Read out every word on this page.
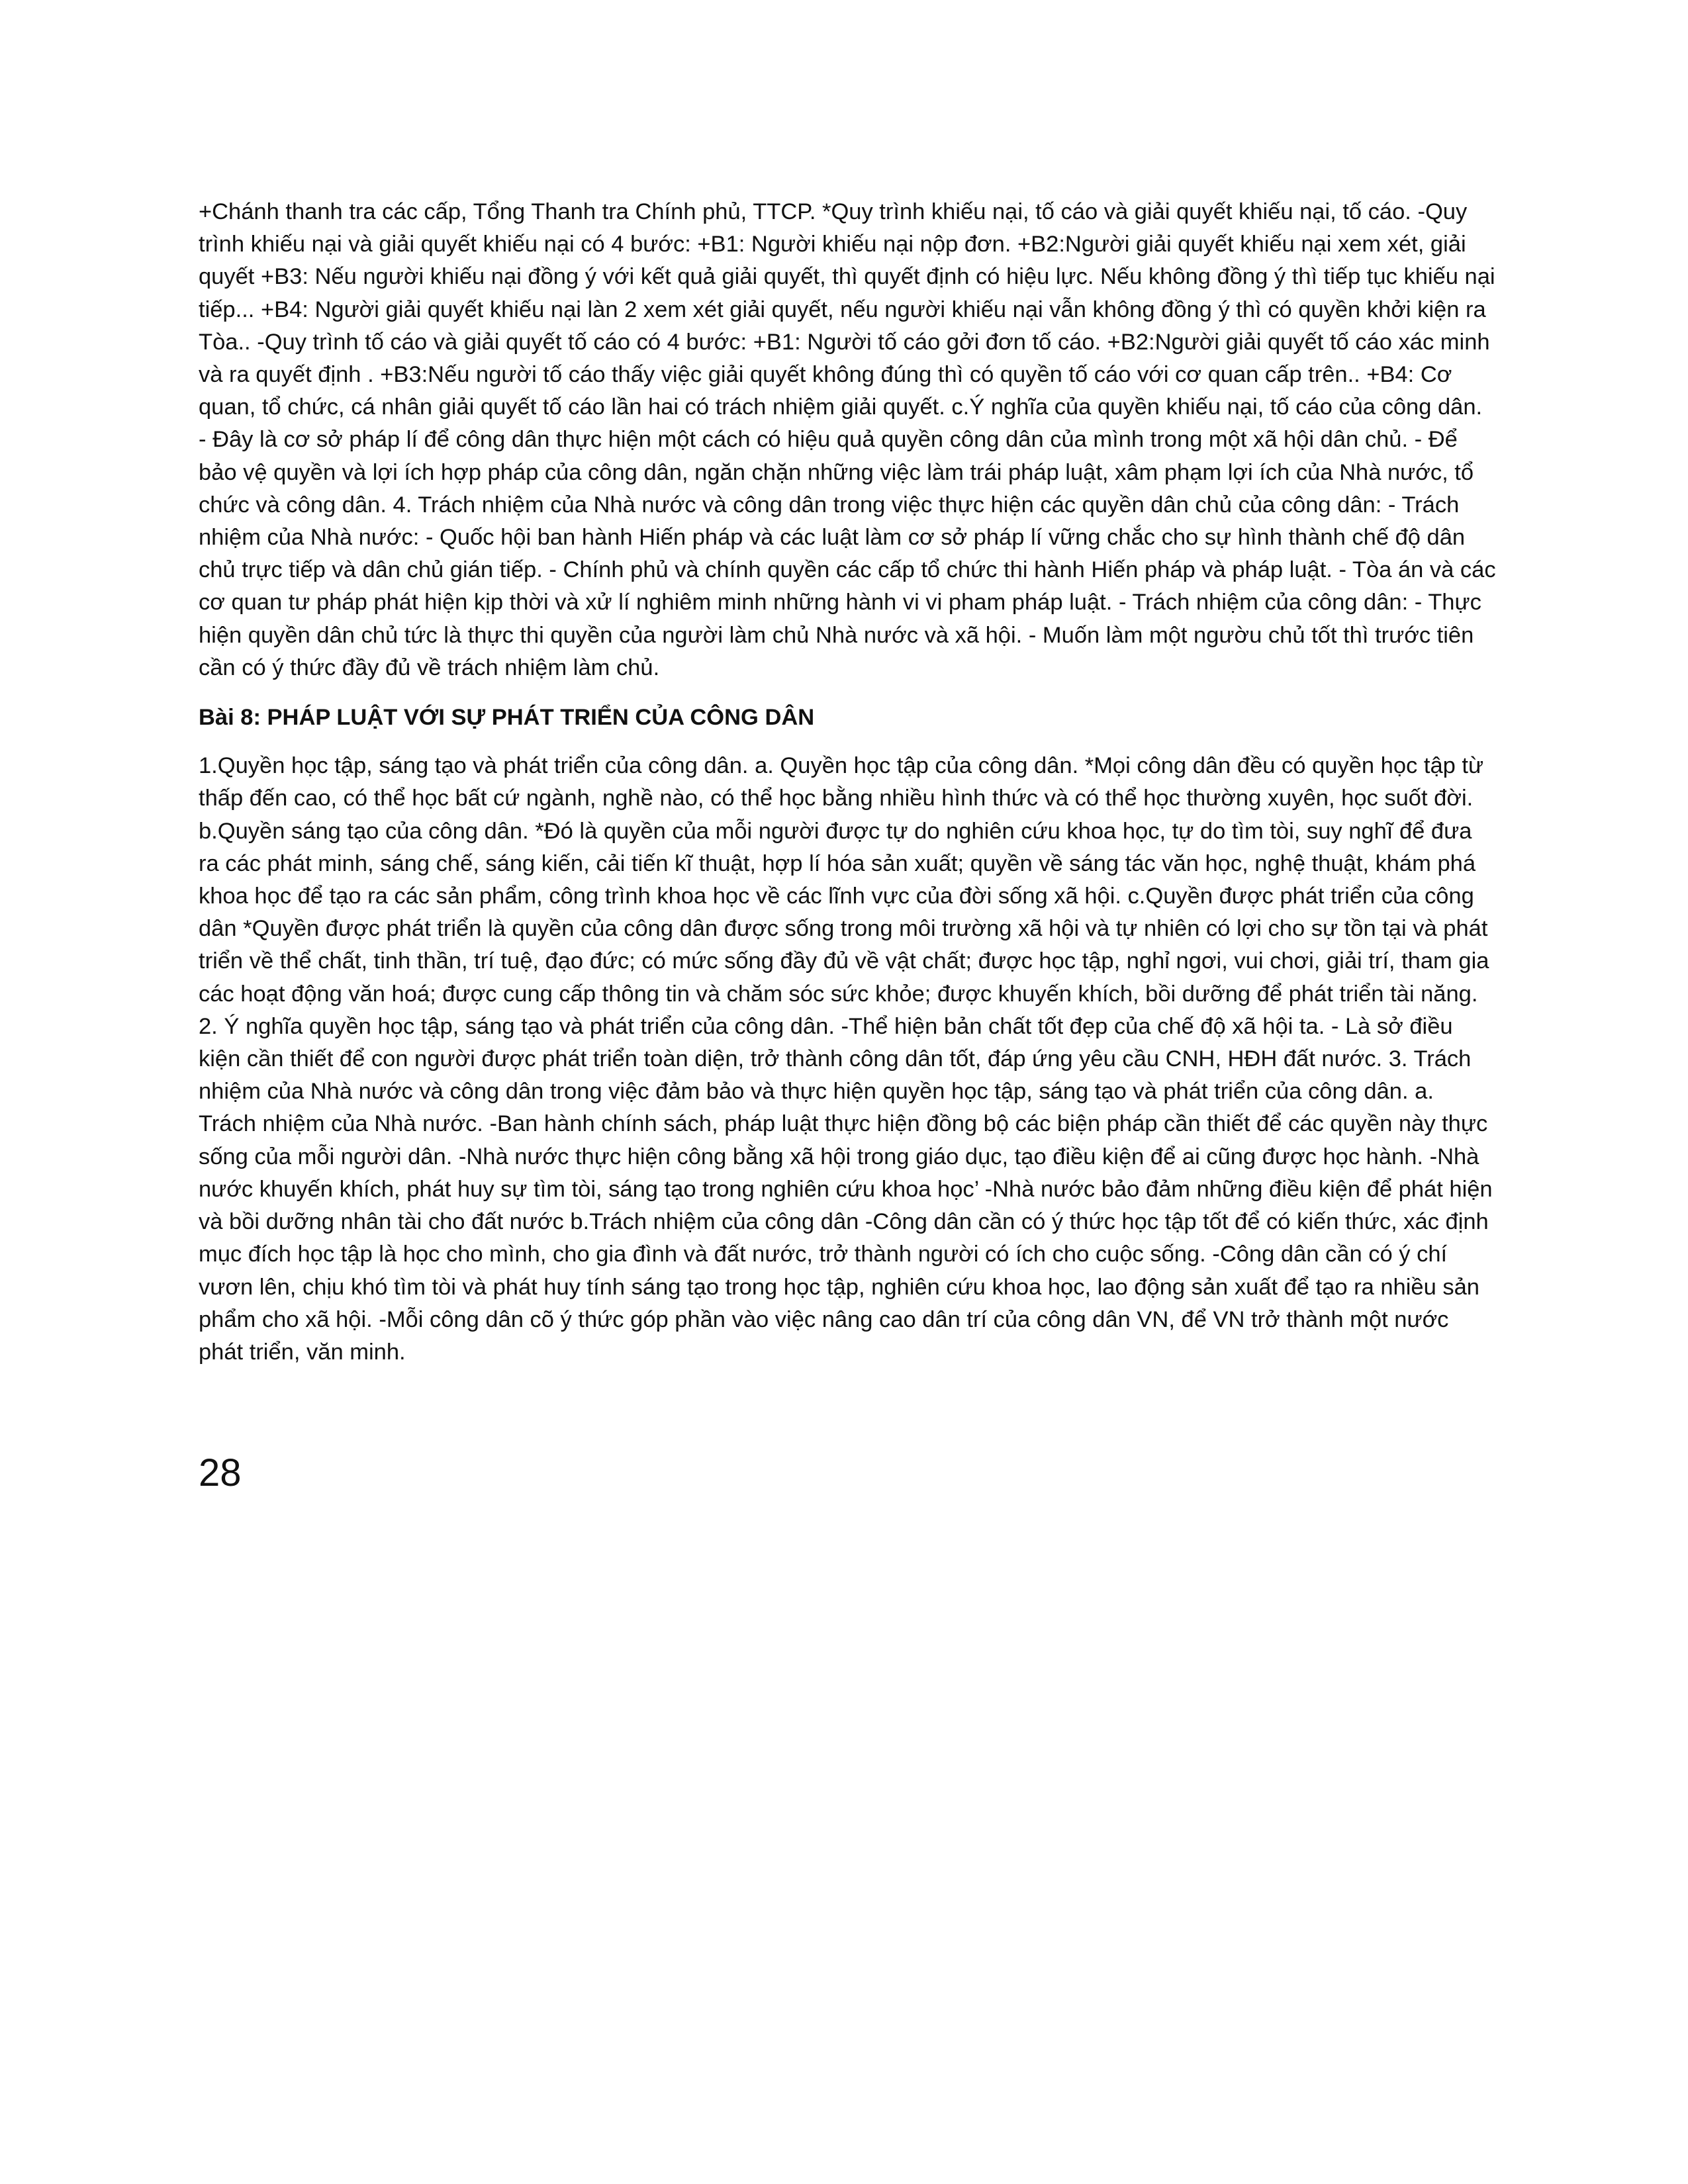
+Chánh thanh tra các cấp, Tổng Thanh tra Chính phủ, TTCP. *Quy trình khiếu nại, tố cáo và giải quyết khiếu nại, tố cáo. -Quy trình khiếu nại và giải quyết khiếu nại có 4 bước: +B1: Người khiếu nại nộp đơn. +B2:Người giải quyết khiếu nại xem xét, giải quyết +B3: Nếu người khiếu nại đồng ý với kết quả giải quyết, thì quyết định có hiệu lực. Nếu không đồng ý thì tiếp tục khiếu nại tiếp... +B4: Người giải quyết khiếu nại làn 2 xem xét giải quyết, nếu người khiếu nại vẫn không đồng ý thì có quyền khởi kiện ra Tòa.. -Quy trình tố cáo và giải quyết tố cáo có 4 bước: +B1: Người tố cáo gởi đơn tố cáo. +B2:Người giải quyết tố cáo xác minh và ra quyết định . +B3:Nếu người tố cáo thấy việc giải quyết không đúng thì có quyền tố cáo với cơ quan cấp trên.. +B4: Cơ quan, tổ chức, cá nhân giải quyết tố cáo lần hai có trách nhiệm giải quyết. c.Ý nghĩa của quyền khiếu nại, tố cáo của công dân. - Đây là cơ sở pháp lí để công dân thực hiện một cách có hiệu quả quyền công dân của mình trong một xã hội dân chủ. - Để bảo vệ quyền và lợi ích hợp pháp của công dân, ngăn chặn những việc làm trái pháp luật, xâm phạm lợi ích của Nhà nước, tổ chức và công dân. 4. Trách nhiệm của Nhà nước và công dân trong việc thực hiện các quyền dân chủ của công dân: - Trách nhiệm của Nhà nước: - Quốc hội ban hành Hiến pháp và các luật làm cơ sở pháp lí vững chắc cho sự hình thành chế độ dân chủ trực tiếp và dân chủ gián tiếp. - Chính phủ và chính quyền các cấp tổ chức thi hành Hiến pháp và pháp luật. - Tòa án và các cơ quan tư pháp phát hiện kịp thời và xử lí nghiêm minh những hành vi vi pham pháp luật. - Trách nhiệm của công dân: - Thực hiện quyền dân chủ tức là thực thi quyền của người làm chủ Nhà nước và xã hội. - Muốn làm một ngườu chủ tốt thì trước tiên cần có ý thức đầy đủ về trách nhiệm làm chủ.

Bài 8: PHÁP LUẬT VỚI SỰ PHÁT TRIỂN CỦA CÔNG DÂN

1.Quyền học tập, sáng tạo và phát triển của công dân. a. Quyền học tập của công dân. *Mọi công dân đều có quyền học tập từ thấp đến cao, có thể học bất cứ ngành, nghề nào, có thể học bằng nhiều hình thức và có thể học thường xuyên, học suốt đời. b.Quyền sáng tạo của công dân. *Đó là quyền của mỗi người được tự do nghiên cứu khoa học, tự do tìm tòi, suy nghĩ để đưa ra các phát minh, sáng chế, sáng kiến, cải tiến kĩ thuật, hợp lí hóa sản xuất; quyền về sáng tác văn học, nghệ thuật, khám phá khoa học để tạo ra các sản phẩm, công trình khoa học về các lĩnh vực của đời sống xã hội. c.Quyền được phát triển của công dân *Quyền được phát triển là quyền của công dân được sống trong môi trường xã hội và tự nhiên có lợi cho sự tồn tại và phát triển về thể chất, tinh thần, trí tuệ, đạo đức; có mức sống đầy đủ về vật chất; được học tập, nghỉ ngơi, vui chơi, giải trí, tham gia các hoạt động văn hoá; được cung cấp thông tin và chăm sóc sức khỏe; được khuyến khích, bồi dưỡng để phát triển tài năng. 2. Ý nghĩa quyền học tập, sáng tạo và phát triển của công dân. -Thể hiện bản chất tốt đẹp của chế độ xã hội ta. - Là sở điều kiện cần thiết để con người được phát triển toàn diện, trở thành công dân tốt, đáp ứng yêu cầu CNH, HĐH đất nước. 3. Trách nhiệm của Nhà nước và công dân trong việc đảm bảo và thực hiện quyền học tập, sáng tạo và phát triển của công dân. a. Trách nhiệm của Nhà nước. -Ban hành chính sách, pháp luật thực hiện đồng bộ các biện pháp cần thiết để các quyền này thực sống của mỗi người dân. -Nhà nước thực hiện công bằng xã hội trong giáo dục, tạo điều kiện để ai cũng được học hành. -Nhà nước khuyến khích, phát huy sự tìm tòi, sáng tạo trong nghiên cứu khoa học’ -Nhà nước bảo đảm những điều kiện để phát hiện và bồi dưỡng nhân tài cho đất nước b.Trách nhiệm của công dân -Công dân cần có ý thức học tập tốt để có kiến thức, xác định mục đích học tập là học cho mình, cho gia đình và đất nước, trở thành người có ích cho cuộc sống. -Công dân cần có ý chí vươn lên, chịu khó tìm tòi và phát huy tính sáng tạo trong học tập, nghiên cứu khoa học, lao động sản xuất để tạo ra nhiều sản phẩm cho xã hội. -Mỗi công dân cõ ý thức góp phần vào việc nâng cao dân trí của công dân VN, để VN trở thành một nước phát triển, văn minh.

28
